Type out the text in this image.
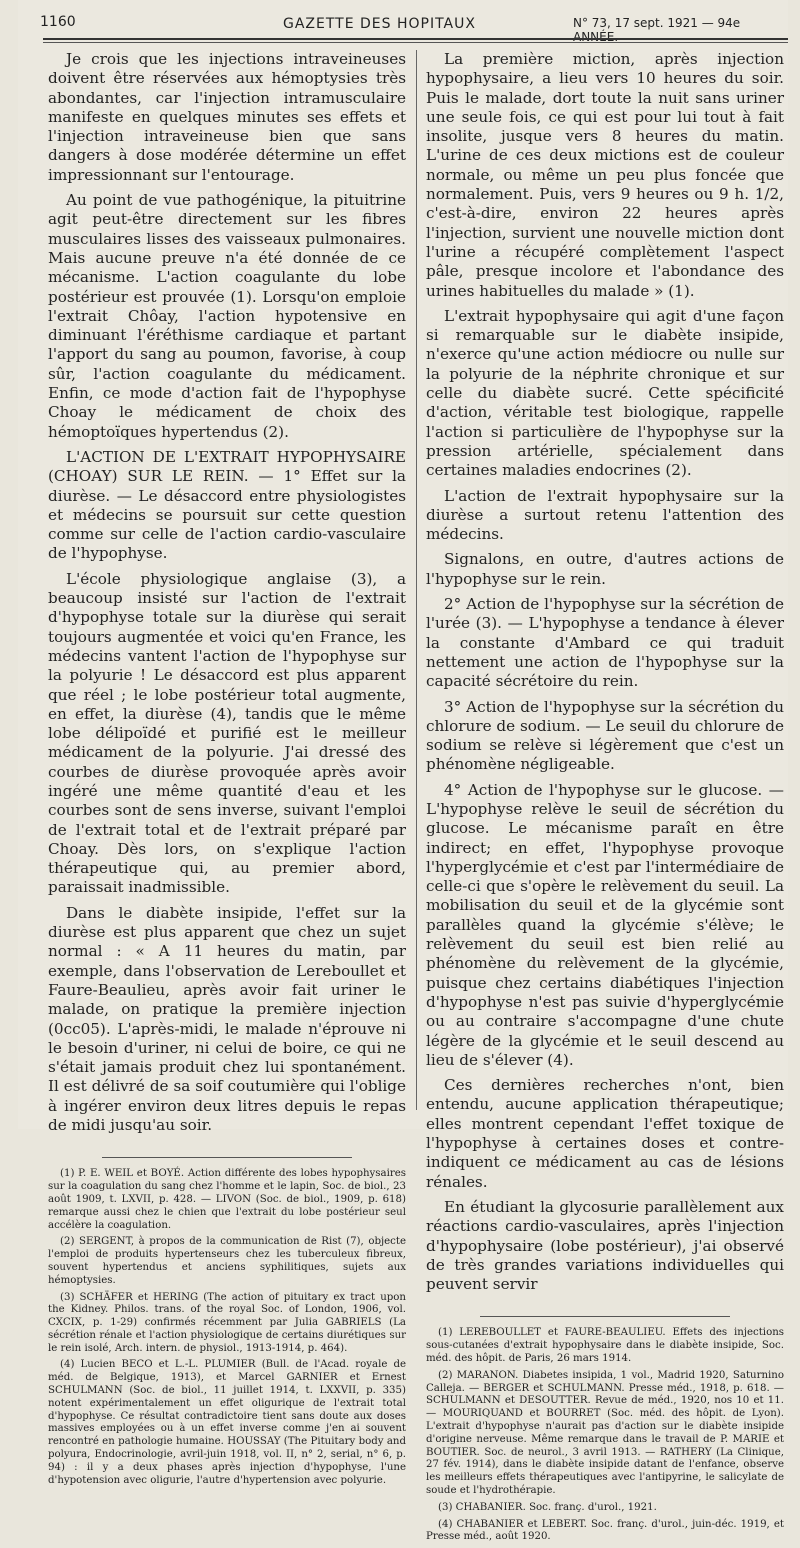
1160	GAZETTE DES HOPITAUX	N° 73, 17 sept. 1921 — 94e ANNÉE.

Je crois que les injections intraveineuses doivent être réservées aux hémoptysies très abondantes, car l'injection intramusculaire manifeste en quelques minutes ses effets et l'injection intraveineuse bien que sans dangers à dose modérée détermine un effet impressionnant sur l'entourage.

Au point de vue pathogénique, la pituitrine agit peut-être directement sur les fibres musculaires lisses des vaisseaux pulmonaires. Mais aucune preuve n'a été donnée de ce mécanisme. L'action coagulante du lobe postérieur est prouvée (1). Lorsqu'on emploie l'extrait Chôay, l'action hypotensive en diminuant l'éréthisme cardiaque et partant l'apport du sang au poumon, favorise, à coup sûr, l'action coagulante du médicament. Enfin, ce mode d'action fait de l'hypophyse Choay le médicament de choix des hémoptoïques hypertendus (2).

L'ACTION DE L'EXTRAIT HYPOPHYSAIRE (CHOAY) SUR LE REIN. — 1° Effet sur la diurèse. — Le désaccord entre physiologistes et médecins se poursuit sur cette question comme sur celle de l'action cardio-vasculaire de l'hypophyse.

L'école physiologique anglaise (3), a beaucoup insisté sur l'action de l'extrait d'hypophyse totale sur la diurèse qui serait toujours augmentée et voici qu'en France, les médecins vantent l'action de l'hypophyse sur la polyurie ! Le désaccord est plus apparent que réel ; le lobe postérieur total augmente, en effet, la diurèse (4), tandis que le même lobe délipoïdé et purifié est le meilleur médicament de la polyurie. J'ai dressé des courbes de diurèse provoquée après avoir ingéré une même quantité d'eau et les courbes sont de sens inverse, suivant l'emploi de l'extrait total et de l'extrait préparé par Choay. Dès lors, on s'explique l'action thérapeutique qui, au premier abord, paraissait inadmissible.

Dans le diabète insipide, l'effet sur la diurèse est plus apparent que chez un sujet normal : « A 11 heures du matin, par exemple, dans l'observation de Lereboullet et Faure-Beaulieu, après avoir fait uriner le malade, on pratique la première injection (0cc05). L'après-midi, le malade n'éprouve ni le besoin d'uriner, ni celui de boire, ce qui ne s'était jamais produit chez lui spontanément. Il est délivré de sa soif coutumière qui l'oblige à ingérer environ deux litres depuis le repas de midi jusqu'au soir.

(1) P. E. WEIL et BOYÉ. Action différente des lobes hypophysaires sur la coagulation du sang chez l'homme et le lapin, Soc. de biol., 23 août 1909, t. LXVII, p. 428. — LIVON (Soc. de biol., 1909, p. 618) remarque aussi chez le chien que l'extrait du lobe postérieur seul accélère la coagulation.

(2) SERGENT, à propos de la communication de Rist (7), objecte l'emploi de produits hypertenseurs chez les tuberculeux fibreux, souvent hypertendus et anciens syphilitiques, sujets aux hémoptysies.

(3) SCHÄFER et HERING (The action of pituitary ex tract upon the Kidney. Philos. trans. of the royal Soc. of London, 1906, vol. CXCIX, p. 1-29) confirmés récemment par Julia GABRIELS (La sécrétion rénale et l'action physiologique de certains diurétiques sur le rein isolé, Arch. intern. de physiol., 1913-1914, p. 464).

(4) Lucien BECO et L.-L. PLUMIER (Bull. de l'Acad. royale de méd. de Belgique, 1913), et Marcel GARNIER et Ernest SCHULMANN (Soc. de biol., 11 juillet 1914, t. LXXVII, p. 335) notent expérimentalement un effet oligurique de l'extrait total d'hypophyse. Ce résultat contradictoire tient sans doute aux doses massives employées ou à un effet inverse comme j'en ai souvent rencontré en pathologie humaine. HOUSSAY (The Pituitary body and polyura, Endocrinologie, avril-juin 1918, vol. II, n° 2, serial, n° 6, p. 94) : il y a deux phases après injection d'hypophyse, l'une d'hypotension avec oligurie, l'autre d'hypertension avec polyurie.

La première miction, après injection hypophysaire, a lieu vers 10 heures du soir. Puis le malade, dort toute la nuit sans uriner une seule fois, ce qui est pour lui tout à fait insolite, jusque vers 8 heures du matin. L'urine de ces deux mictions est de couleur normale, ou même un peu plus foncée que normalement. Puis, vers 9 heures ou 9 h. 1/2, c'est-à-dire, environ 22 heures après l'injection, survient une nouvelle miction dont l'urine a récupéré complètement l'aspect pâle, presque incolore et l'abondance des urines habituelles du malade » (1).

L'extrait hypophysaire qui agit d'une façon si remarquable sur le diabète insipide, n'exerce qu'une action médiocre ou nulle sur la polyurie de la néphrite chronique et sur celle du diabète sucré. Cette spécificité d'action, véritable test biologique, rappelle l'action si particulière de l'hypophyse sur la pression artérielle, spécialement dans certaines maladies endocrines (2).

L'action de l'extrait hypophysaire sur la diurèse a surtout retenu l'attention des médecins.

Signalons, en outre, d'autres actions de l'hypophyse sur le rein.

2° Action de l'hypophyse sur la sécrétion de l'urée (3). — L'hypophyse a tendance à élever la constante d'Ambard ce qui traduit nettement une action de l'hypophyse sur la capacité sécrétoire du rein.

3° Action de l'hypophyse sur la sécrétion du chlorure de sodium. — Le seuil du chlorure de sodium se relève si légèrement que c'est un phénomène négligeable.

4° Action de l'hypophyse sur le glucose. — L'hypophyse relève le seuil de sécrétion du glucose. Le mécanisme paraît en être indirect; en effet, l'hypophyse provoque l'hyperglycémie et c'est par l'intermédiaire de celle-ci que s'opère le relèvement du seuil. La mobilisation du seuil et de la glycémie sont parallèles quand la glycémie s'élève; le relèvement du seuil est bien relié au phénomène du relèvement de la glycémie, puisque chez certains diabétiques l'injection d'hypophyse n'est pas suivie d'hyperglycémie ou au contraire s'accompagne d'une chute légère de la glycémie et le seuil descend au lieu de s'élever (4).

Ces dernières recherches n'ont, bien entendu, aucune application thérapeutique; elles montrent cependant l'effet toxique de l'hypophyse à certaines doses et contre-indiquent ce médicament au cas de lésions rénales.

En étudiant la glycosurie parallèlement aux réactions cardio-vasculaires, après l'injection d'hypophysaire (lobe postérieur), j'ai observé de très grandes variations individuelles qui peuvent servir

(1) LEREBOULLET et FAURE-BEAULIEU. Effets des injections sous-cutanées d'extrait hypophysaire dans le diabète insipide, Soc. méd. des hôpit. de Paris, 26 mars 1914.

(2) MARANON. Diabetes insipida, 1 vol., Madrid 1920, Saturnino Calleja. — BERGER et SCHULMANN. Presse méd., 1918, p. 618. — SCHULMANN et DESOUTTER. Revue de méd., 1920, nos 10 et 11. — MOURIQUAND et BOURRET (Soc. méd. des hôpit. de Lyon). L'extrait d'hypophyse n'aurait pas d'action sur le diabète insipide d'origine nerveuse. Même remarque dans le travail de P. MARIE et BOUTIER. Soc. de neurol., 3 avril 1913. — RATHERY (La Clinique, 27 fév. 1914), dans le diabète insipide datant de l'enfance, observe les meilleurs effets thérapeutiques avec l'antipyrine, le salicylate de soude et l'hydrothérapie.

(3) CHABANIER. Soc. franç. d'urol., 1921.

(4) CHABANIER et LEBERT. Soc. franç. d'urol., juin-déc. 1919, et Presse méd., août 1920.
